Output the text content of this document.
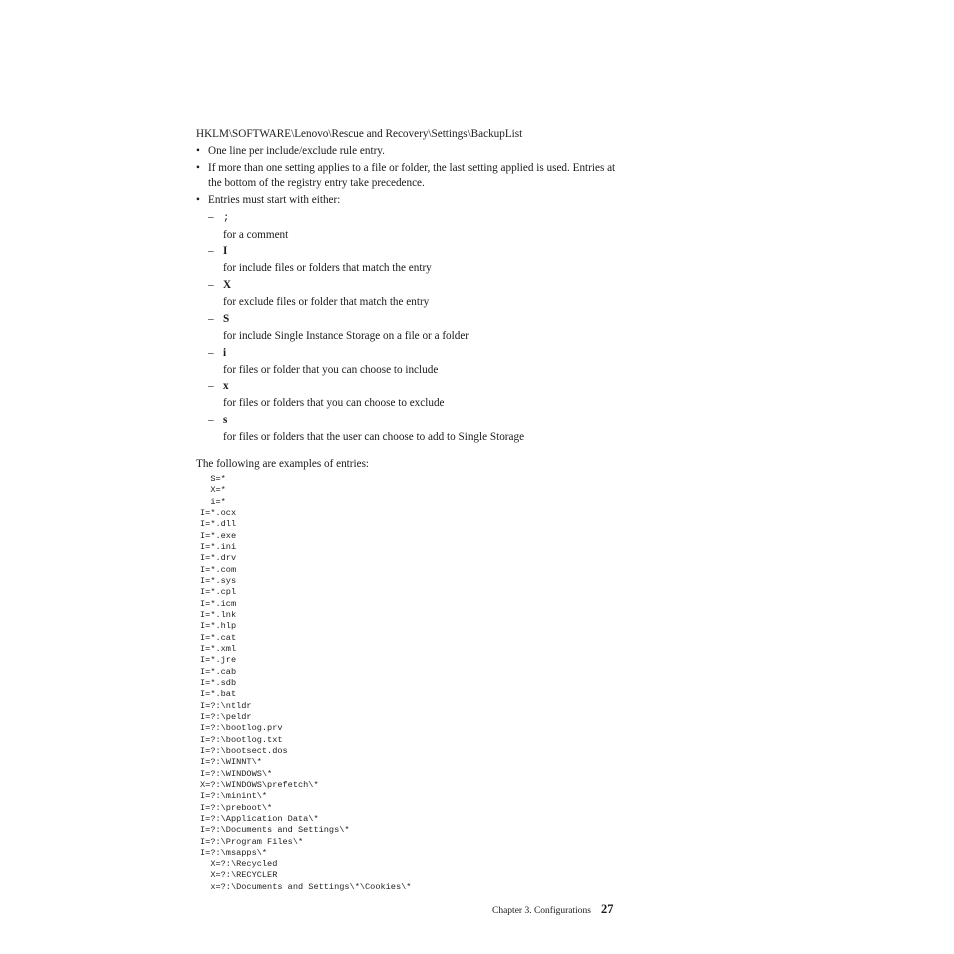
HKLM\SOFTWARE\Lenovo\Rescue and Recovery\Settings\BackupList
• One line per include/exclude rule entry.
• If more than one setting applies to a file or folder, the last setting applied is used. Entries at the bottom of the registry entry take precedence.
• Entries must start with either:
– ;
for a comment
– I
for include files or folders that match the entry
– X
for exclude files or folder that match the entry
– S
for include Single Instance Storage on a file or a folder
– i
for files or folder that you can choose to include
– x
for files or folders that you can choose to exclude
– s
for files or folders that the user can choose to add to Single Storage
The following are examples of entries:
S=*
X=*
i=*
I=*.ocx
I=*.dll
I=*.exe
I=*.ini
I=*.drv
I=*.com
I=*.sys
I=*.cpl
I=*.icm
I=*.lnk
I=*.hlp
I=*.cat
I=*.xml
I=*.jre
I=*.cab
I=*.sdb
I=*.bat
I=?:\ntldr
I=?:\peldr
I=?:\bootlog.prv
I=?:\bootlog.txt
I=?:\bootsect.dos
I=?:\WINNT\*
I=?:\WINDOWS\*
X=?:\WINDOWS\prefetch\*
I=?:\minint\*
I=?:\preboot\*
I=?:\Application Data\*
I=?:\Documents and Settings\*
I=?:\Program Files\*
I=?:\msapps\*
X=?:\Recycled
X=?:\RECYCLER
x=?:\Documents and Settings\*\Cookies\*
Chapter 3. Configurations 27
